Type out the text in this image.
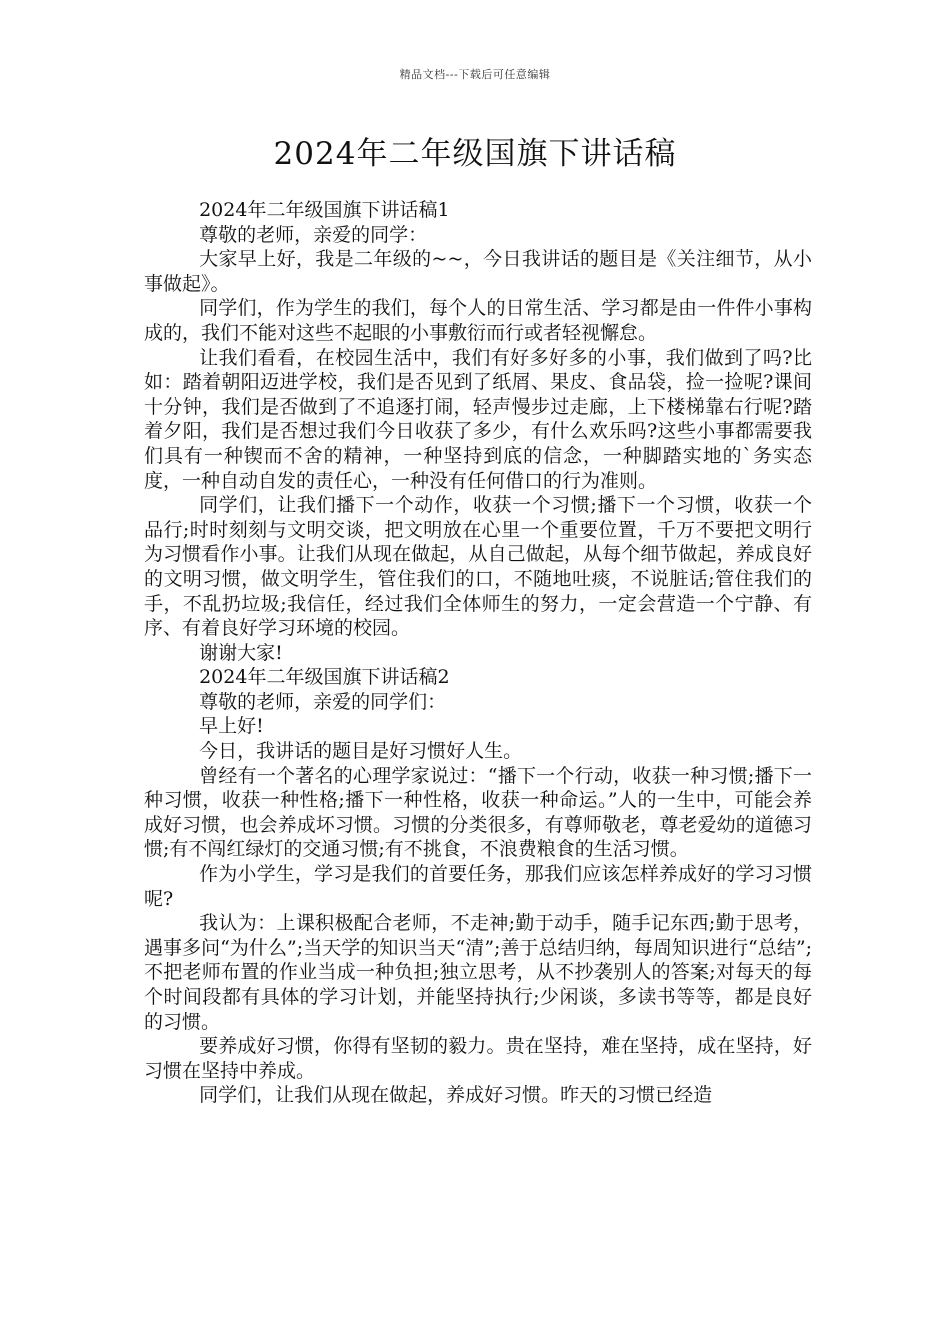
精品文档---下载后可任意编辑
2024年二年级国旗下讲话稿

2024年二年级国旗下讲话稿1

尊敬的老师，亲爱的同学：

大家早上好，我是二年级的~~，今日我讲话的题目是《关注细节，从小事做起》。

同学们，作为学生的我们，每个人的日常生活、学习都是由一件件小事构成的，我们不能对这些不起眼的小事敷衍而行或者轻视懈怠。

让我们看看，在校园生活中，我们有好多好多的小事，我们做到了吗?比如：踏着朝阳迈进学校，我们是否见到了纸屑、果皮、食品袋，捡一捡呢?课间十分钟，我们是否做到了不追逐打闹，轻声慢步过走廊，上下楼梯靠右行呢?踏着夕阳，我们是否想过我们今日收获了多少，有什么欢乐吗?这些小事都需要我们具有一种锲而不舍的精神，一种坚持到底的信念，一种脚踏实地的`务实态度，一种自动自发的责任心，一种没有任何借口的行为准则。

同学们，让我们播下一个动作，收获一个习惯;播下一个习惯，收获一个品行;时时刻刻与文明交谈，把文明放在心里一个重要位置，千万不要把文明行为习惯看作小事。让我们从现在做起，从自己做起，从每个细节做起，养成良好的文明习惯，做文明学生，管住我们的口，不随地吐痰，不说脏话;管住我们的手，不乱扔垃圾;我信任，经过我们全体师生的努力，一定会营造一个宁静、有序、有着良好学习环境的校园。

谢谢大家!

2024年二年级国旗下讲话稿2

尊敬的老师，亲爱的同学们：

早上好!

今日，我讲话的题目是好习惯好人生。

曾经有一个著名的心理学家说过：“播下一个行动，收获一种习惯;播下一种习惯，收获一种性格;播下一种性格，收获一种命运。”人的一生中，可能会养成好习惯，也会养成坏习惯。习惯的分类很多，有尊师敬老，尊老爱幼的道德习惯;有不闯红绿灯的交通习惯;有不挑食，不浪费粮食的生活习惯。

作为小学生，学习是我们的首要任务，那我们应该怎样养成好的学习习惯呢?

我认为：上课积极配合老师，不走神;勤于动手，随手记东西;勤于思考，遇事多问“为什么”;当天学的知识当天“清”;善于总结归纳，每周知识进行“总结”;不把老师布置的作业当成一种负担;独立思考，从不抄袭别人的答案;对每天的每个时间段都有具体的学习计划，并能坚持执行;少闲谈，多读书等等，都是良好的习惯。

要养成好习惯，你得有坚韧的毅力。贵在坚持，难在坚持，成在坚持，好习惯在坚持中养成。

同学们，让我们从现在做起，养成好习惯。昨天的习惯已经造
